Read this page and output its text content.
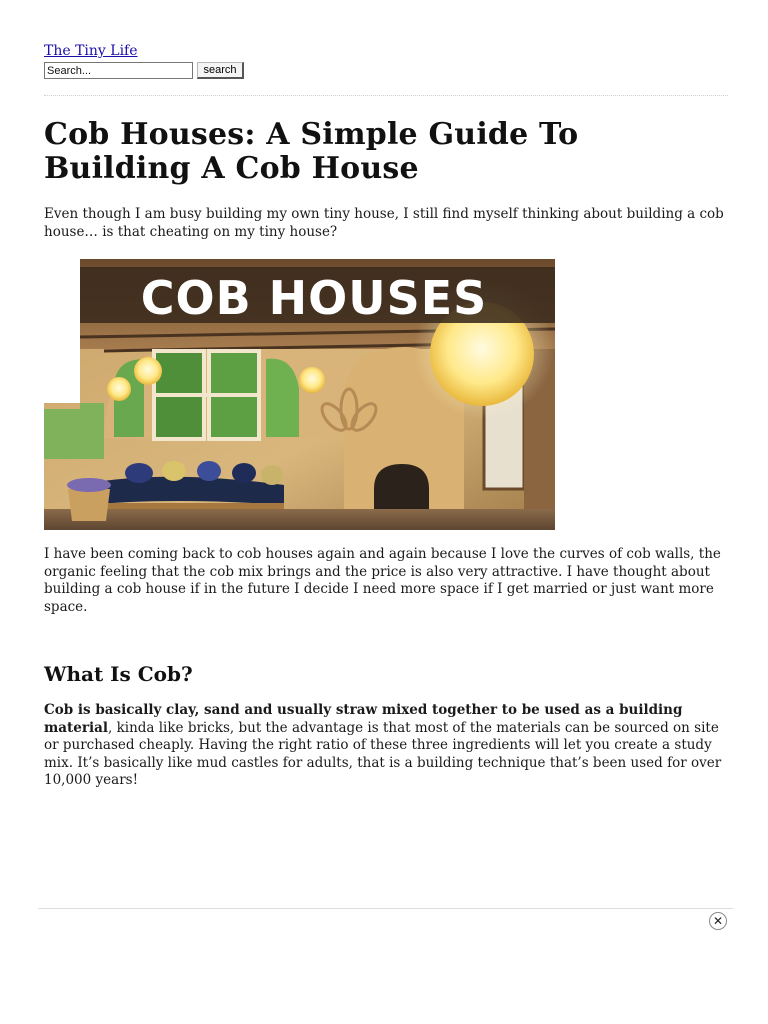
The Tiny Life
Search...
search
Cob Houses: A Simple Guide To Building A Cob House

Even though I am busy building my own tiny house, I still find myself thinking about building a cob house… is that cheating on my tiny house?

COB HOUSES

I have been coming back to cob houses again and again because I love the curves of cob walls, the organic feeling that the cob mix brings and the price is also very attractive. I have thought about building a cob house if in the future I decide I need more space if I get married or just want more space.

What Is Cob?

Cob is basically clay, sand and usually straw mixed together to be used as a building material, kinda like bricks, but the advantage is that most of the materials can be sourced on site or purchased cheaply. Having the right ratio of these three ingredients will let you create a study mix. It’s basically like mud castles for adults, that is a building technique that’s been used for over 10,000 years!

✕
